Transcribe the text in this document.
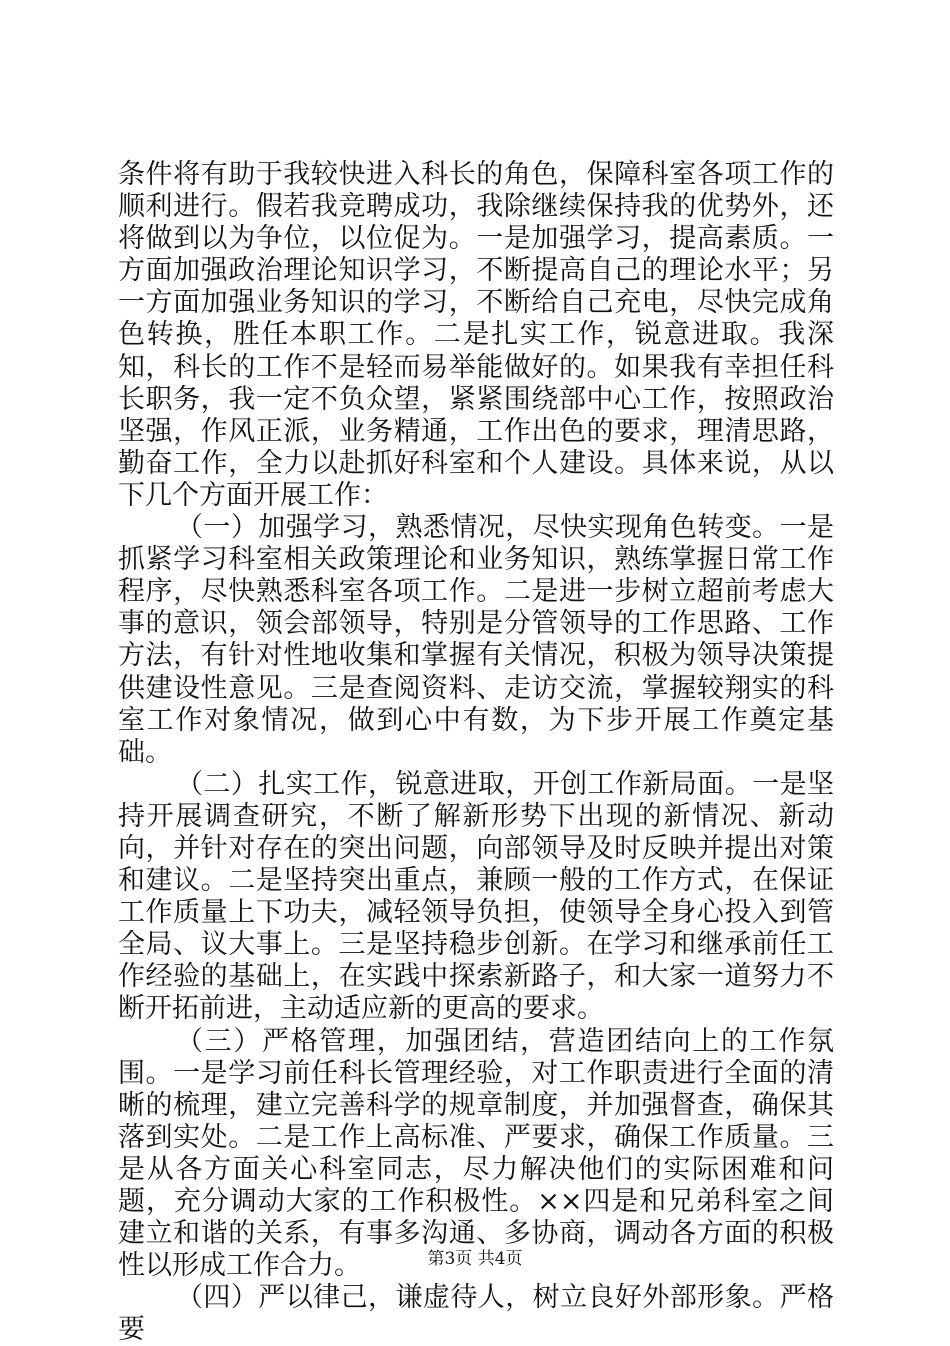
条件将有助于我较快进入科长的角色，保障科室各项工作的顺利进行。假若我竞聘成功，我除继续保持我的优势外，还将做到以为争位，以位促为。一是加强学习，提高素质。一方面加强政治理论知识学习，不断提高自己的理论水平；另一方面加强业务知识的学习，不断给自己充电，尽快完成角色转换，胜任本职工作。二是扎实工作，锐意进取。我深知，科长的工作不是轻而易举能做好的。如果我有幸担任科长职务，我一定不负众望，紧紧围绕部中心工作，按照政治坚强，作风正派，业务精通，工作出色的要求，理清思路，勤奋工作，全力以赴抓好科室和个人建设。具体来说，从以下几个方面开展工作：

（一）加强学习，熟悉情况，尽快实现角色转变。一是抓紧学习科室相关政策理论和业务知识，熟练掌握日常工作程序，尽快熟悉科室各项工作。二是进一步树立超前考虑大事的意识，领会部领导，特别是分管领导的工作思路、工作方法，有针对性地收集和掌握有关情况，积极为领导决策提供建设性意见。三是查阅资料、走访交流，掌握较翔实的科室工作对象情况，做到心中有数，为下步开展工作奠定基础。

（二）扎实工作，锐意进取，开创工作新局面。一是坚持开展调查研究，不断了解新形势下出现的新情况、新动向，并针对存在的突出问题，向部领导及时反映并提出对策和建议。二是坚持突出重点，兼顾一般的工作方式，在保证工作质量上下功夫，减轻领导负担，使领导全身心投入到管全局、议大事上。三是坚持稳步创新。在学习和继承前任工作经验的基础上，在实践中探索新路子，和大家一道努力不断开拓前进，主动适应新的更高的要求。

（三）严格管理，加强团结，营造团结向上的工作氛围。一是学习前任科长管理经验，对工作职责进行全面的清晰的梳理，建立完善科学的规章制度，并加强督查，确保其落到实处。二是工作上高标准、严要求，确保工作质量。三是从各方面关心科室同志，尽力解决他们的实际困难和问题，充分调动大家的工作积极性。××四是和兄弟科室之间建立和谐的关系，有事多沟通、多协商，调动各方面的积极性以形成工作合力。

（四）严以律己，谦虚待人，树立良好外部形象。严格要

第3页 共4页
